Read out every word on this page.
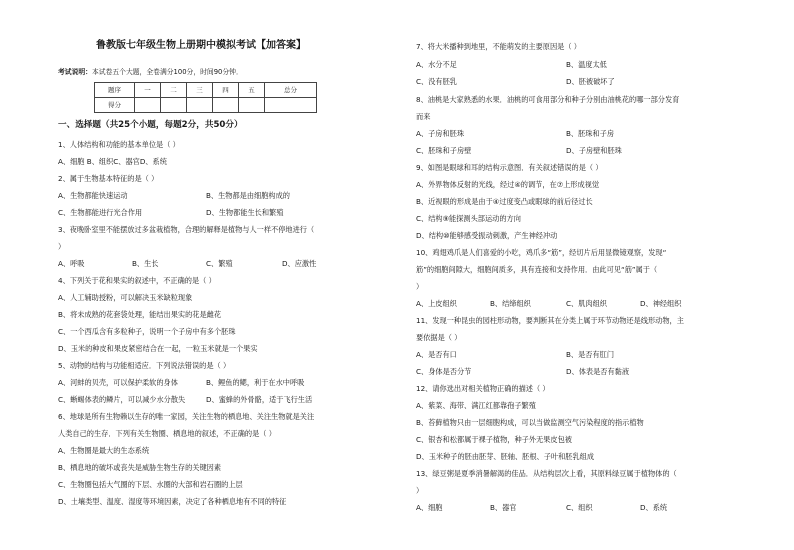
鲁教版七年级生物上册期中模拟考试【加答案】
考试说明：本试卷五个大题，全卷满分100分，时间90分钟．
题序	一	二	三	四	五	总分
得分						
一、选择题（共25个小题，每题2分，共50分）
1、人体结构和功能的基本单位是（ ）
A、细胞 B、组织C、器官D、系统
2、属于生物基本特征的是（ ）
A、生物都能快速运动	B、生物都是由细胞构成的
C、生物都能进行光合作用	D、生物都能生长和繁殖
3、夜晚卧室里不能摆放过多盆栽植物，合理的解释是植物与人一样不停地进行（
）
A、呼吸	B、生长	C、繁殖	D、应激性
4、下列关于花和果实的叙述中，不正确的是（ ）
A、人工辅助授粉，可以解决玉米缺粒现象
B、将未成熟的花套袋处理，能结出果实的花是雌花
C、一个西瓜含有多粒种子，说明一个子房中有多个胚珠
D、玉米的种皮和果皮紧密结合在一起，一粒玉米就是一个果实
5、动物的结构与功能相适应．下列说法错误的是（ ）
A、河蚌的贝壳，可以保护柔软的身体	B、鲤鱼的鳃，利于在水中呼吸
C、蜥蜴体表的鳞片，可以减少水分散失	D、蜜蜂的外骨骼，适于飞行生活
6、地球是所有生物赖以生存的唯一家园，关注生物的栖息地、关注生物就是关注
人类自己的生存．下列有关生物圈、栖息地的叙述，不正确的是（ ）
A、生物圈是最大的生态系统
B、栖息地的破坏或丧失是威胁生物生存的关键因素
C、生物圈包括大气圈的下层、水圈的大部和岩石圈的上层
D、土壤类型、温度、湿度等环境因素，决定了各种栖息地有不同的特征
7、将大米播种到地里，不能萌发的主要原因是（ ）
A、水分不足	B、温度太低
C、没有胚乳	D、胚被破坏了
8、油桃是大家熟悉的水果．油桃的可食用部分和种子分别由油桃花的哪一部分发育
而来
A、子房和胚珠	B、胚珠和子房
C、胚珠和子房壁	D、子房壁和胚珠
9、如图是眼球和耳的结构示意图．有关叙述错误的是（ ）
A、外界物体反射的光线，经过④的调节，在⑦上形成视觉
B、近视眼的形成是由于④过度变凸或眼球的前后径过长
C、结构⑨能探测头部运动的方向
D、结构⑩能够感受振动刺激，产生神经冲动
10、鸡翅鸡爪是人们喜爱的小吃，鸡爪多“筋”，经切片后用显微镜观察，发现“
筋”的细胞间隙大，细胞间质多，具有连接和支持作用．由此可见“筋”属于（
）
A、上皮组织	B、结缔组织	C、肌肉组织	D、神经组织
11、发现一种昆虫的园柱形动物，要判断其在分类上属于环节动物还是线形动物，主
要依据是（ ）
A、是否有口	B、是否有肛门
C、身体是否分节	D、体表是否有黏液
12、请你选出对相关植物正确的描述（ ）
A、紫菜、海带、满江红都靠孢子繁殖
B、苔藓植物只由一层细胞构成，可以当做监测空气污染程度的指示植物
C、银杏和松都属于裸子植物，种子外无果皮包被
D、玉米种子的胚由胚芽、胚轴、胚根、子叶和胚乳组成
13、绿豆粥是夏季消暑解渴的佳品．从结构层次上看，其原料绿豆属于植物体的（
）
A、细胞	B、器官	C、组织	D、系统
